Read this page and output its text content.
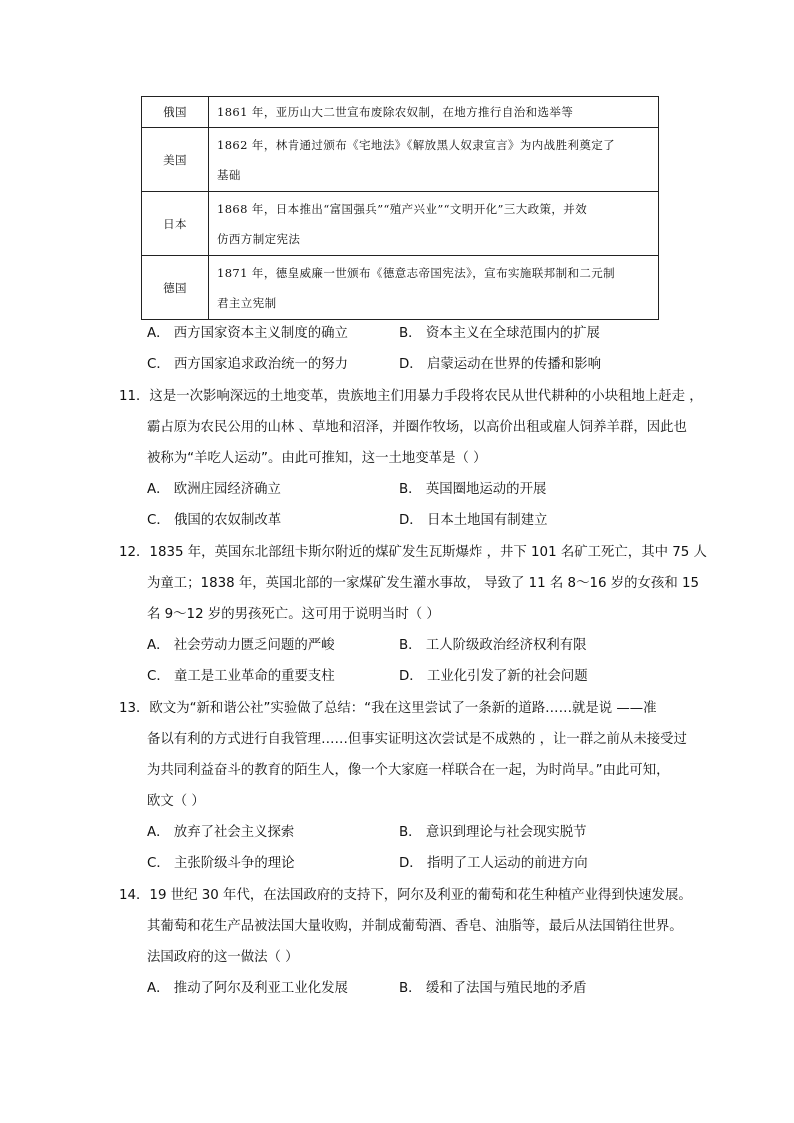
俄国	1861 年，亚历山大二世宣布废除农奴制，在地方推行自治和选举等

美国	1862 年，林肯通过颁布《宅地法》《解放黑人奴隶宣言》为内战胜利奠定了
基础

日本	1868 年，日本推出“富国强兵”“殖产兴业”“文明开化”三大政策，并效
仿西方制定宪法

德国	1871 年，德皇威廉一世颁布《德意志帝国宪法》，宣布实施联邦制和二元制
君主立宪制
A． 西方国家资本主义制度的确立	B． 资本主义在全球范围内的扩展
C． 西方国家追求政治统一的努力	D． 启蒙运动在世界的传播和影响
11．这是一次影响深远的土地变革，贵族地主们用暴力手段将农民从世代耕种的小块租地上赶走 ，
霸占原为农民公用的山林 、草地和沼泽，并圈作牧场，以高价出租或雇人饲养羊群，因此也
被称为“羊吃人运动”。由此可推知，这一土地变革是（ ）
A． 欧洲庄园经济确立	B． 英国圈地运动的开展
C． 俄国的农奴制改革	D． 日本土地国有制建立
12．1835 年，英国东北部纽卡斯尔附近的煤矿发生瓦斯爆炸 ，井下 101 名矿工死亡，其中 75 人
为童工；1838 年，英国北部的一家煤矿发生灌水事故， 导致了 11 名 8～16 岁的女孩和 15
名 9～12 岁的男孩死亡。这可用于说明当时（ ）
A． 社会劳动力匮乏问题的严峻	B． 工人阶级政治经济权利有限
C． 童工是工业革命的重要支柱	D． 工业化引发了新的社会问题
13．欧文为“新和谐公社”实验做了总结：“我在这里尝试了一条新的道路……就是说 ——准
备以有利的方式进行自我管理……但事实证明这次尝试是不成熟的 ，让一群之前从未接受过
为共同利益奋斗的教育的陌生人，像一个大家庭一样联合在一起，为时尚早。”由此可知，
欧文（ ）
A． 放弃了社会主义探索	B． 意识到理论与社会现实脱节
C． 主张阶级斗争的理论	D． 指明了工人运动的前进方向
14．19 世纪 30 年代，在法国政府的支持下，阿尔及利亚的葡萄和花生种植产业得到快速发展。
其葡萄和花生产品被法国大量收购，并制成葡萄酒、香皂、油脂等，最后从法国销往世界。
法国政府的这一做法（ ）
A． 推动了阿尔及利亚工业化发展	B． 缓和了法国与殖民地的矛盾
